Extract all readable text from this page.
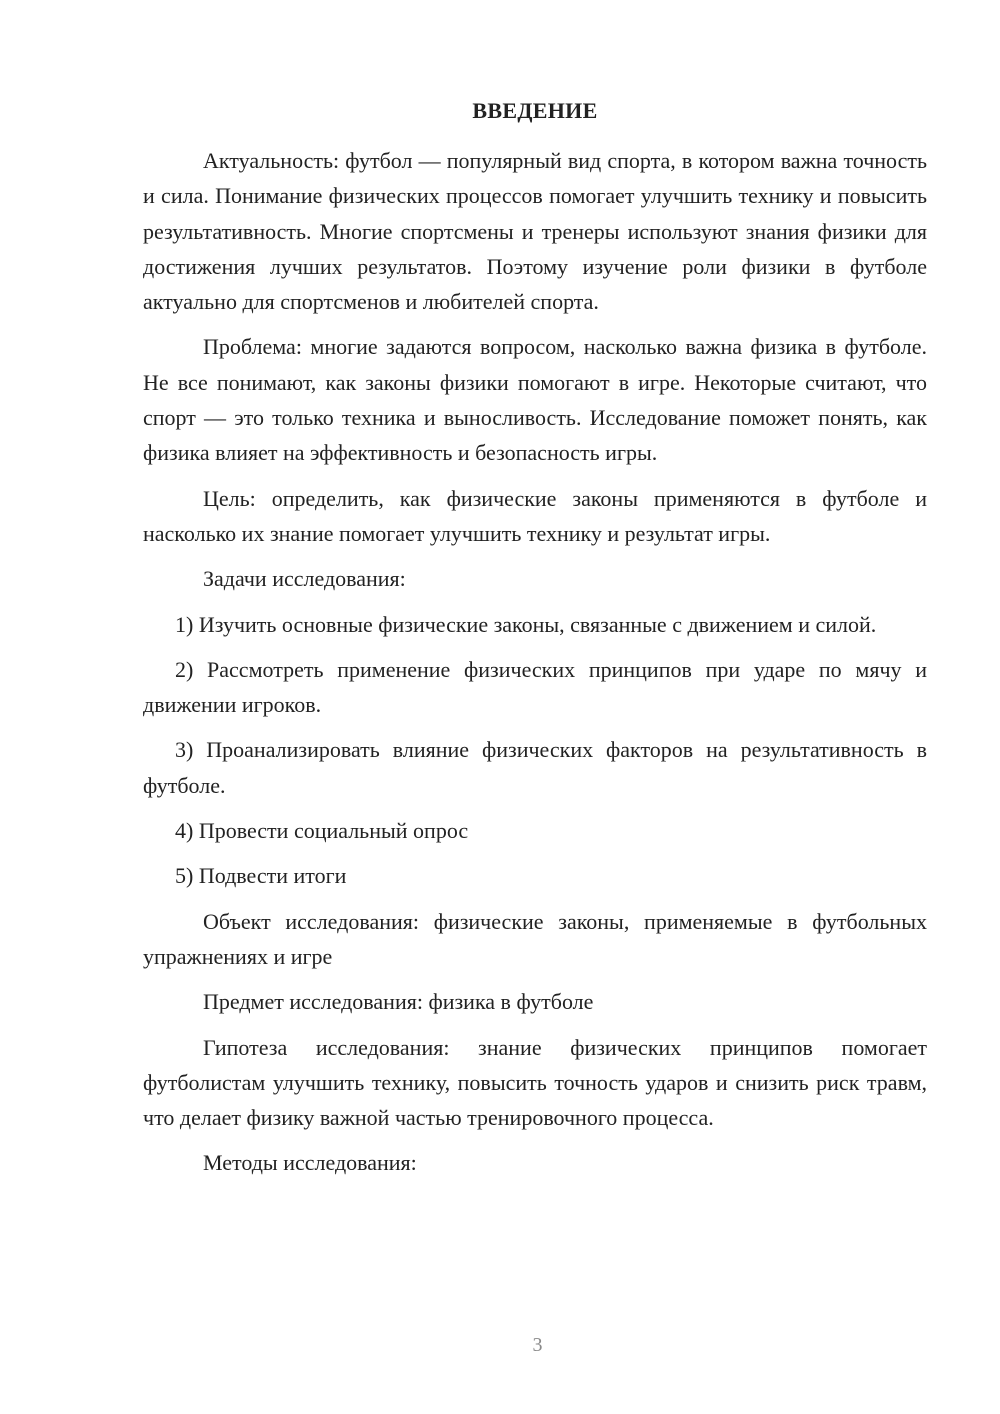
ВВЕДЕНИЕ

Актуальность: футбол — популярный вид спорта, в котором важна точность и сила. Понимание физических процессов помогает улучшить технику и повысить результативность. Многие спортсмены и тренеры используют знания физики для достижения лучших результатов. Поэтому изучение роли физики в футболе актуально для спортсменов и любителей спорта.

Проблема: многие задаются вопросом, насколько важна физика в футболе. Не все понимают, как законы физики помогают в игре. Некоторые считают, что спорт — это только техника и выносливость. Исследование поможет понять, как физика влияет на эффективность и безопасность игры.

Цель: определить, как физические законы применяются в футболе и насколько их знание помогает улучшить технику и результат игры.

Задачи исследования:

1) Изучить основные физические законы, связанные с движением и силой.

2) Рассмотреть применение физических принципов при ударе по мячу и движении игроков.

3) Проанализировать влияние физических факторов на результативность в футболе.

4) Провести социальный опрос

5) Подвести итоги

Объект исследования: физические законы, применяемые в футбольных упражнениях и игре

Предмет исследования: физика в футболе

Гипотеза исследования: знание физических принципов помогает футболистам улучшить технику, повысить точность ударов и снизить риск травм, что делает физику важной частью тренировочного процесса.

Методы исследования:

3
